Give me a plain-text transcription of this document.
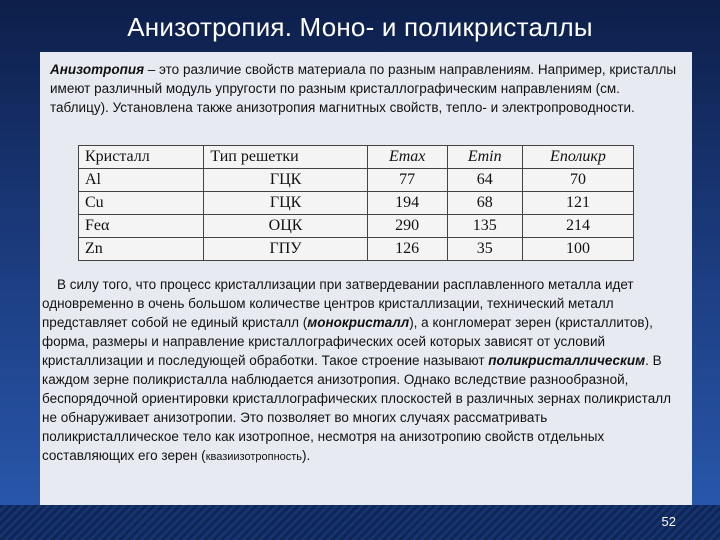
Анизотропия. Моно- и поликристаллы
Анизотропия – это различие свойств материала по разным направлениям. Например, кристаллы имеют различный модуль упругости по разным кристаллографическим направлениям (см. таблицу). Установлена также анизотропия магнитных свойств, тепло- и электропроводности.
Кристалл	Тип решетки	Emax	Emin	Eполикр
Al	ГЦК	77	64	70
Cu	ГЦК	194	68	121
Feα	ОЦК	290	135	214
Zn	ГПУ	126	35	100
В силу того, что процесс кристаллизации при затвердевании расплавленного металла идет одновременно в очень большом количестве центров кристаллизации, технический металл представляет собой не единый кристалл (монокристалл), а конгломерат зерен (кристаллитов), форма, размеры и направление кристаллографических осей которых зависят от условий кристаллизации и последующей обработки. Такое строение называют поликристаллическим. В каждом зерне поликристалла наблюдается анизотропия. Однако вследствие разнообразной, беспорядочной ориентировки кристаллографических плоскостей в различных зернах поликристалл не обнаруживает анизотропии. Это позволяет во многих случаях рассматривать поликристаллическое тело как изотропное, несмотря на анизотропию свойств отдельных составляющих его зерен (квазиизотропность).
52
